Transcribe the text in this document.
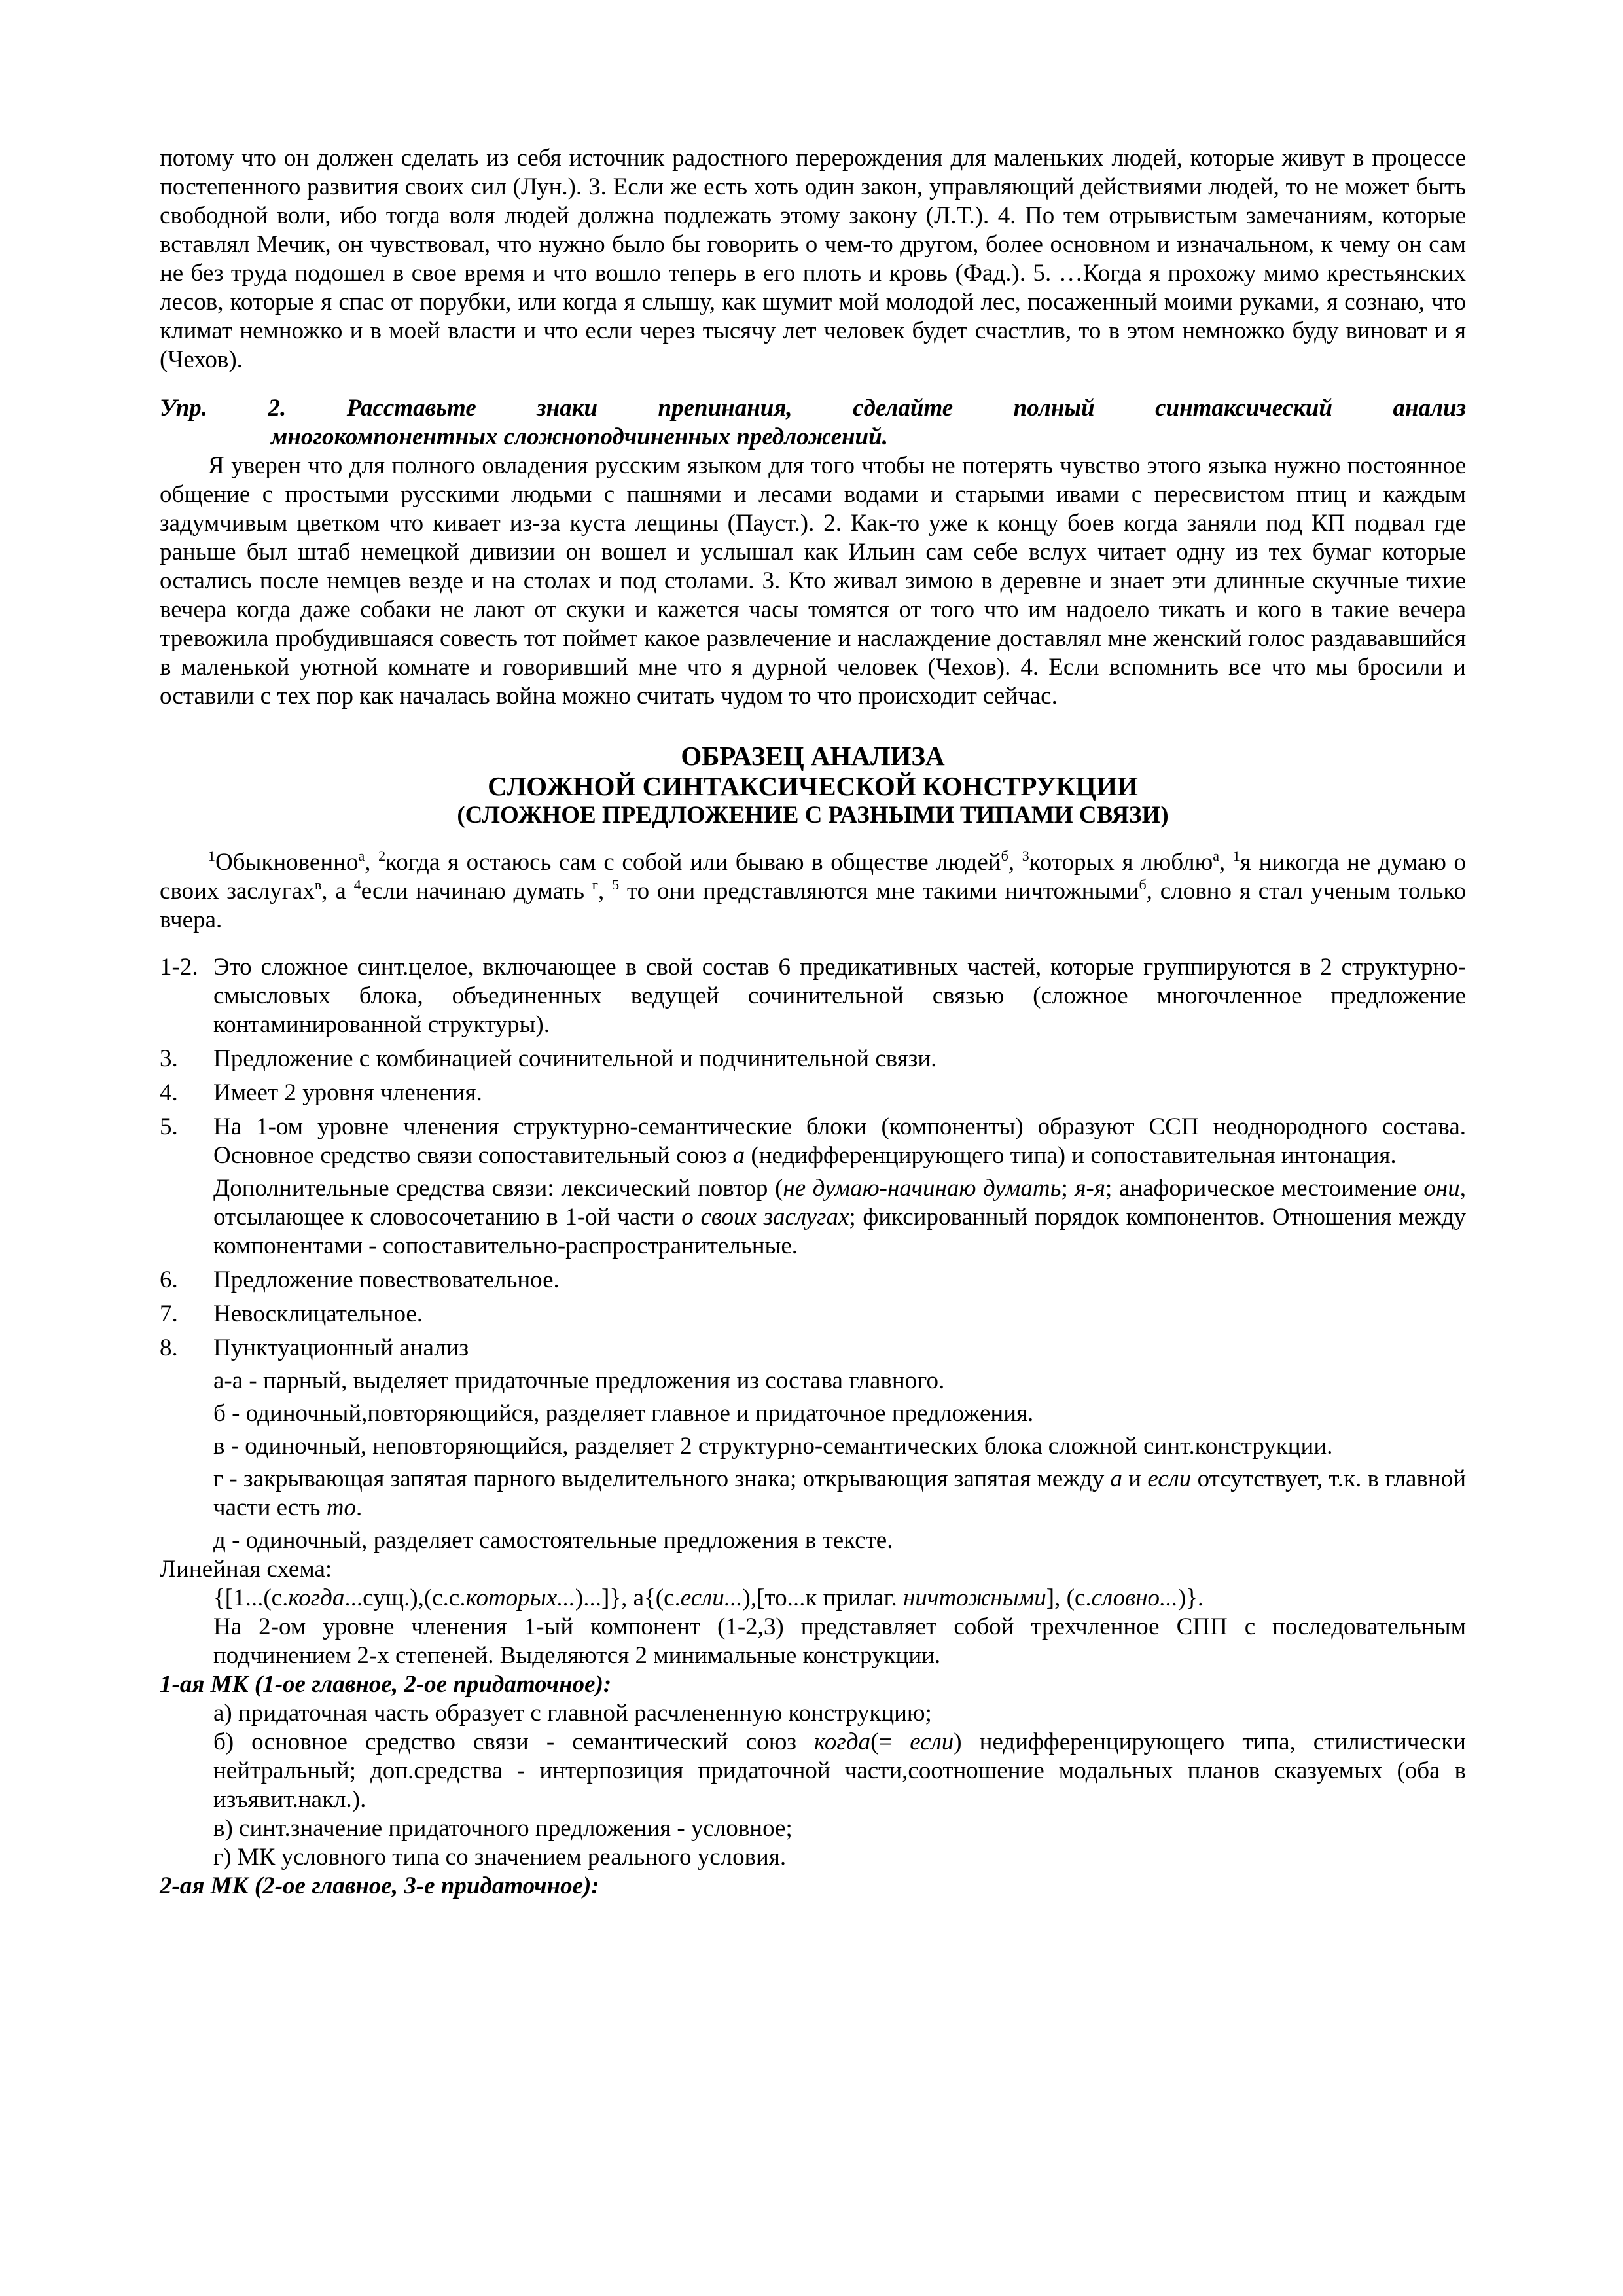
потому что он должен сделать из себя источник радостного перерождения для маленьких людей, которые живут в процессе постепенного развития своих сил (Лун.). 3. Если же есть хоть один закон, управляющий действиями людей, то не может быть свободной воли, ибо тогда воля людей должна подлежать этому закону (Л.Т.). 4. По тем отрывистым замечаниям, которые вставлял Мечик, он чувствовал, что нужно было бы говорить о чем-то другом, более основном и изначальном, к чему он сам не без труда подошел в свое время и что вошло теперь в его плоть и кровь (Фад.). 5. …Когда я прохожу мимо крестьянских лесов, которые я спас от порубки, или когда я слышу, как шумит мой молодой лес, посаженный моими руками, я сознаю, что климат немножко и в моей власти и что если через тысячу лет человек будет счастлив, то в этом немножко буду виноват и я (Чехов).

Упр. 2. Расставьте знаки препинания, сделайте полный синтаксический анализ

многокомпонентных сложноподчиненных предложений.

Я уверен что для полного овладения русским языком для того чтобы не потерять чувство этого языка нужно постоянное общение с простыми русскими людьми с пашнями и лесами водами и старыми ивами с пересвистом птиц и каждым задумчивым цветком что кивает из-за куста лещины (Пауст.). 2. Как-то уже к концу боев когда заняли под КП подвал где раньше был штаб немецкой дивизии он вошел и услышал как Ильин сам себе вслух читает одну из тех бумаг которые остались после немцев везде и на столах и под столами. 3. Кто живал зимою в деревне и знает эти длинные скучные тихие вечера когда даже собаки не лают от скуки и кажется часы томятся от того что им надоело тикать и кого в такие вечера тревожила пробудившаяся совесть тот поймет какое развлечение и наслаждение доставлял мне женский голос раздававшийся в маленькой уютной комнате и говоривший мне что я дурной человек (Чехов). 4. Если вспомнить все что мы бросили и оставили с тех пор как началась война можно считать чудом то что происходит сейчас.

ОБРАЗЕЦ АНАЛИЗА

СЛОЖНОЙ СИНТАКСИЧЕСКОЙ КОНСТРУКЦИИ

(СЛОЖНОЕ ПРЕДЛОЖЕНИЕ С РАЗНЫМИ ТИПАМИ СВЯЗИ)

$^1$Обыкновенно$^а$, $^2$когда я остаюсь сам с собой или бываю в обществе людей$^б$, $^3$которых я люблю$^а$, $^1$я никогда не думаю о своих заслугах$^в$, а $^4$если начинаю думать $^г$, $^5$ то они представляются мне такими ничтожными$^б$, словно я стал ученым только вчера.

1-2. Это сложное синт.целое, включающее в свой состав 6 предикативных частей, которые группируются в 2 структурно-смысловых блока, объединенных ведущей сочинительной связью (сложное многочленное предложение контаминированной структуры).
3.	Предложение с комбинацией сочинительной и подчинительной связи.
4.	Имеет 2 уровня членения.
5.	На 1-ом уровне членения структурно-семантические блоки (компоненты) образуют ССП неоднородного состава. Основное средство связи сопоставительный союз а (недифференцирующего типа) и сопоставительная интонация.

Дополнительные средства связи: лексический повтор (не думаю-начинаю думать; я-я; анафорическое местоимение они, отсылающее к словосочетанию в 1-ой части о своих заслугах; фиксированный порядок компонентов. Отношения между компонентами - сопоставительно-распространительные.

6.	Предложение повествовательное.
7.	Невосклицательное.
8.	Пунктуационный анализ

а-а - парный, выделяет придаточные предложения из состава главного.

б - одиночный,повторяющийся, разделяет главное и придаточное предложения.

в - одиночный, неповторяющийся, разделяет 2 структурно-семантических блока сложной синт.конструкции.

г - закрывающая запятая парного выделительного знака; открывающия запятая между а и если отсутствует, т.к. в главной части есть то.

д - одиночный, разделяет самостоятельные предложения в тексте.

Линейная схема:

{[1...(с.когда...сущ.),(с.с.которых...)...]}, а{(с.если...),[то...к прилаг. ничтожными], (с.словно...)}.

На 2-ом уровне членения 1-ый компонент (1-2,3) представляет собой трехчленное СПП с последовательным подчинением 2-х степеней. Выделяются 2 минимальные конструкции.

1-ая МК (1-ое главное, 2-ое придаточное):

а) придаточная часть образует с главной расчлененную конструкцию;

б) основное средство связи - семантический союз когда(= если) недифференцирующего типа, стилистически нейтральный; доп.средства - интерпозиция придаточной части,соотношение модальных планов сказуемых (оба в изъявит.накл.).

в) синт.значение придаточного предложения - условное;

г) МК условного типа со значением реального условия.

2-ая МК (2-ое главное, 3-е придаточное):
